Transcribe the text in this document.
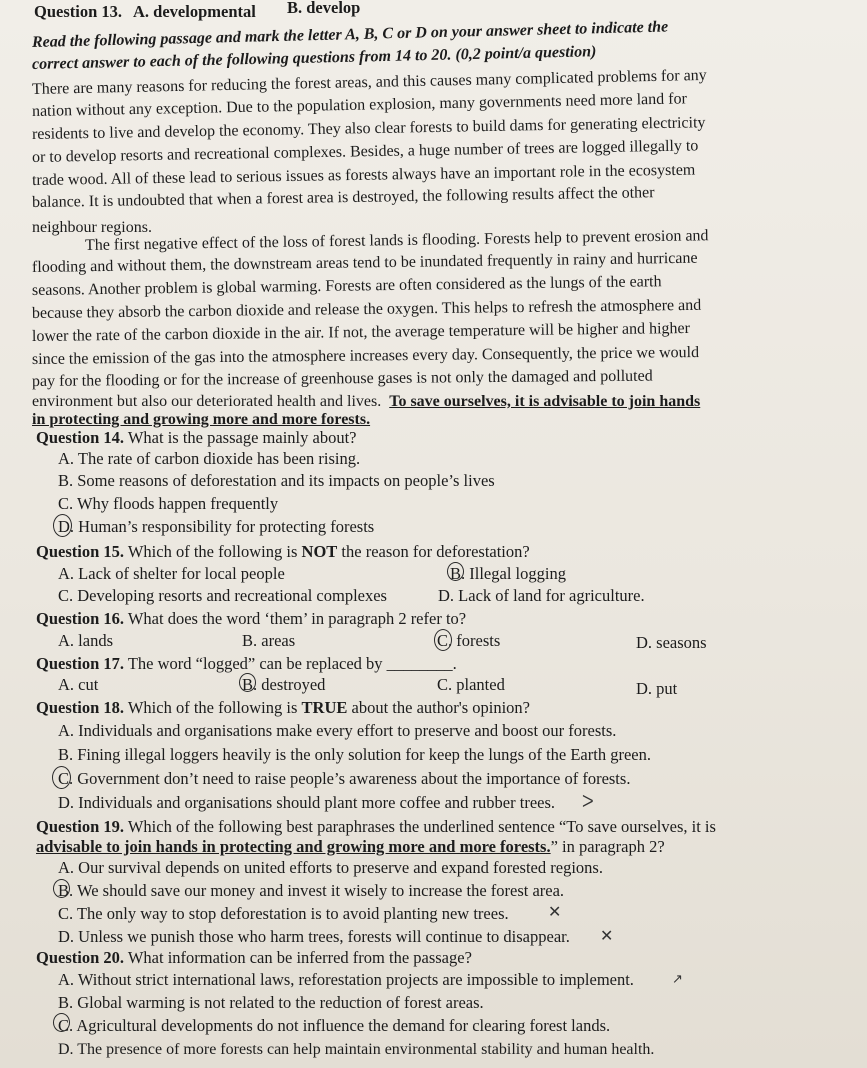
Question 13. A. developmental B. develop
Read the following passage and mark the letter A, B, C or D on your answer sheet to indicate the
correct answer to each of the following questions from 14 to 20. (0,2 point/a question)
There are many reasons for reducing the forest areas, and this causes many complicated problems for any
nation without any exception. Due to the population explosion, many governments need more land for
residents to live and develop the economy. They also clear forests to build dams for generating electricity
or to develop resorts and recreational complexes. Besides, a huge number of trees are logged illegally to
trade wood. All of these lead to serious issues as forests always have an important role in the ecosystem
balance. It is undoubted that when a forest area is destroyed, the following results affect the other
neighbour regions.
The first negative effect of the loss of forest lands is flooding. Forests help to prevent erosion and
flooding and without them, the downstream areas tend to be inundated frequently in rainy and hurricane
seasons. Another problem is global warming. Forests are often considered as the lungs of the earth
because they absorb the carbon dioxide and release the oxygen. This helps to refresh the atmosphere and
lower the rate of the carbon dioxide in the air. If not, the average temperature will be higher and higher
since the emission of the gas into the atmosphere increases every day. Consequently, the price we would
pay for the flooding or for the increase of greenhouse gases is not only the damaged and polluted
environment but also our deteriorated health and lives. To save ourselves, it is advisable to join hands
in protecting and growing more and more forests.
Question 14. What is the passage mainly about?
A. The rate of carbon dioxide has been rising.
B. Some reasons of deforestation and its impacts on people’s lives
C. Why floods happen frequently
D. Human’s responsibility for protecting forests
Question 15. Which of the following is NOT the reason for deforestation?
A. Lack of shelter for local people	B. Illegal logging
C. Developing resorts and recreational complexes	D. Lack of land for agriculture.
Question 16. What does the word ‘them’ in paragraph 2 refer to?
A. lands	B. areas	C. forests	D. seasons
Question 17. The word “logged” can be replaced by ________.
A. cut	B. destroyed	C. planted	D. put
Question 18. Which of the following is TRUE about the author's opinion?
A. Individuals and organisations make every effort to preserve and boost our forests.
B. Fining illegal loggers heavily is the only solution for keep the lungs of the Earth green.
C. Government don’t need to raise people’s awareness about the importance of forests.
D. Individuals and organisations should plant more coffee and rubber trees. ᐳ
Question 19. Which of the following best paraphrases the underlined sentence “To save ourselves, it is
advisable to join hands in protecting and growing more and more forests.” in paragraph 2?
A. Our survival depends on united efforts to preserve and expand forested regions.
B. We should save our money and invest it wisely to increase the forest area.
C. The only way to stop deforestation is to avoid planting new trees. ✕
D. Unless we punish those who harm trees, forests will continue to disappear. ✕
Question 20. What information can be inferred from the passage?
A. Without strict international laws, reforestation projects are impossible to implement.	↗
B. Global warming is not related to the reduction of forest areas.
C. Agricultural developments do not influence the demand for clearing forest lands.
D. The presence of more forests can help maintain environmental stability and human health.
